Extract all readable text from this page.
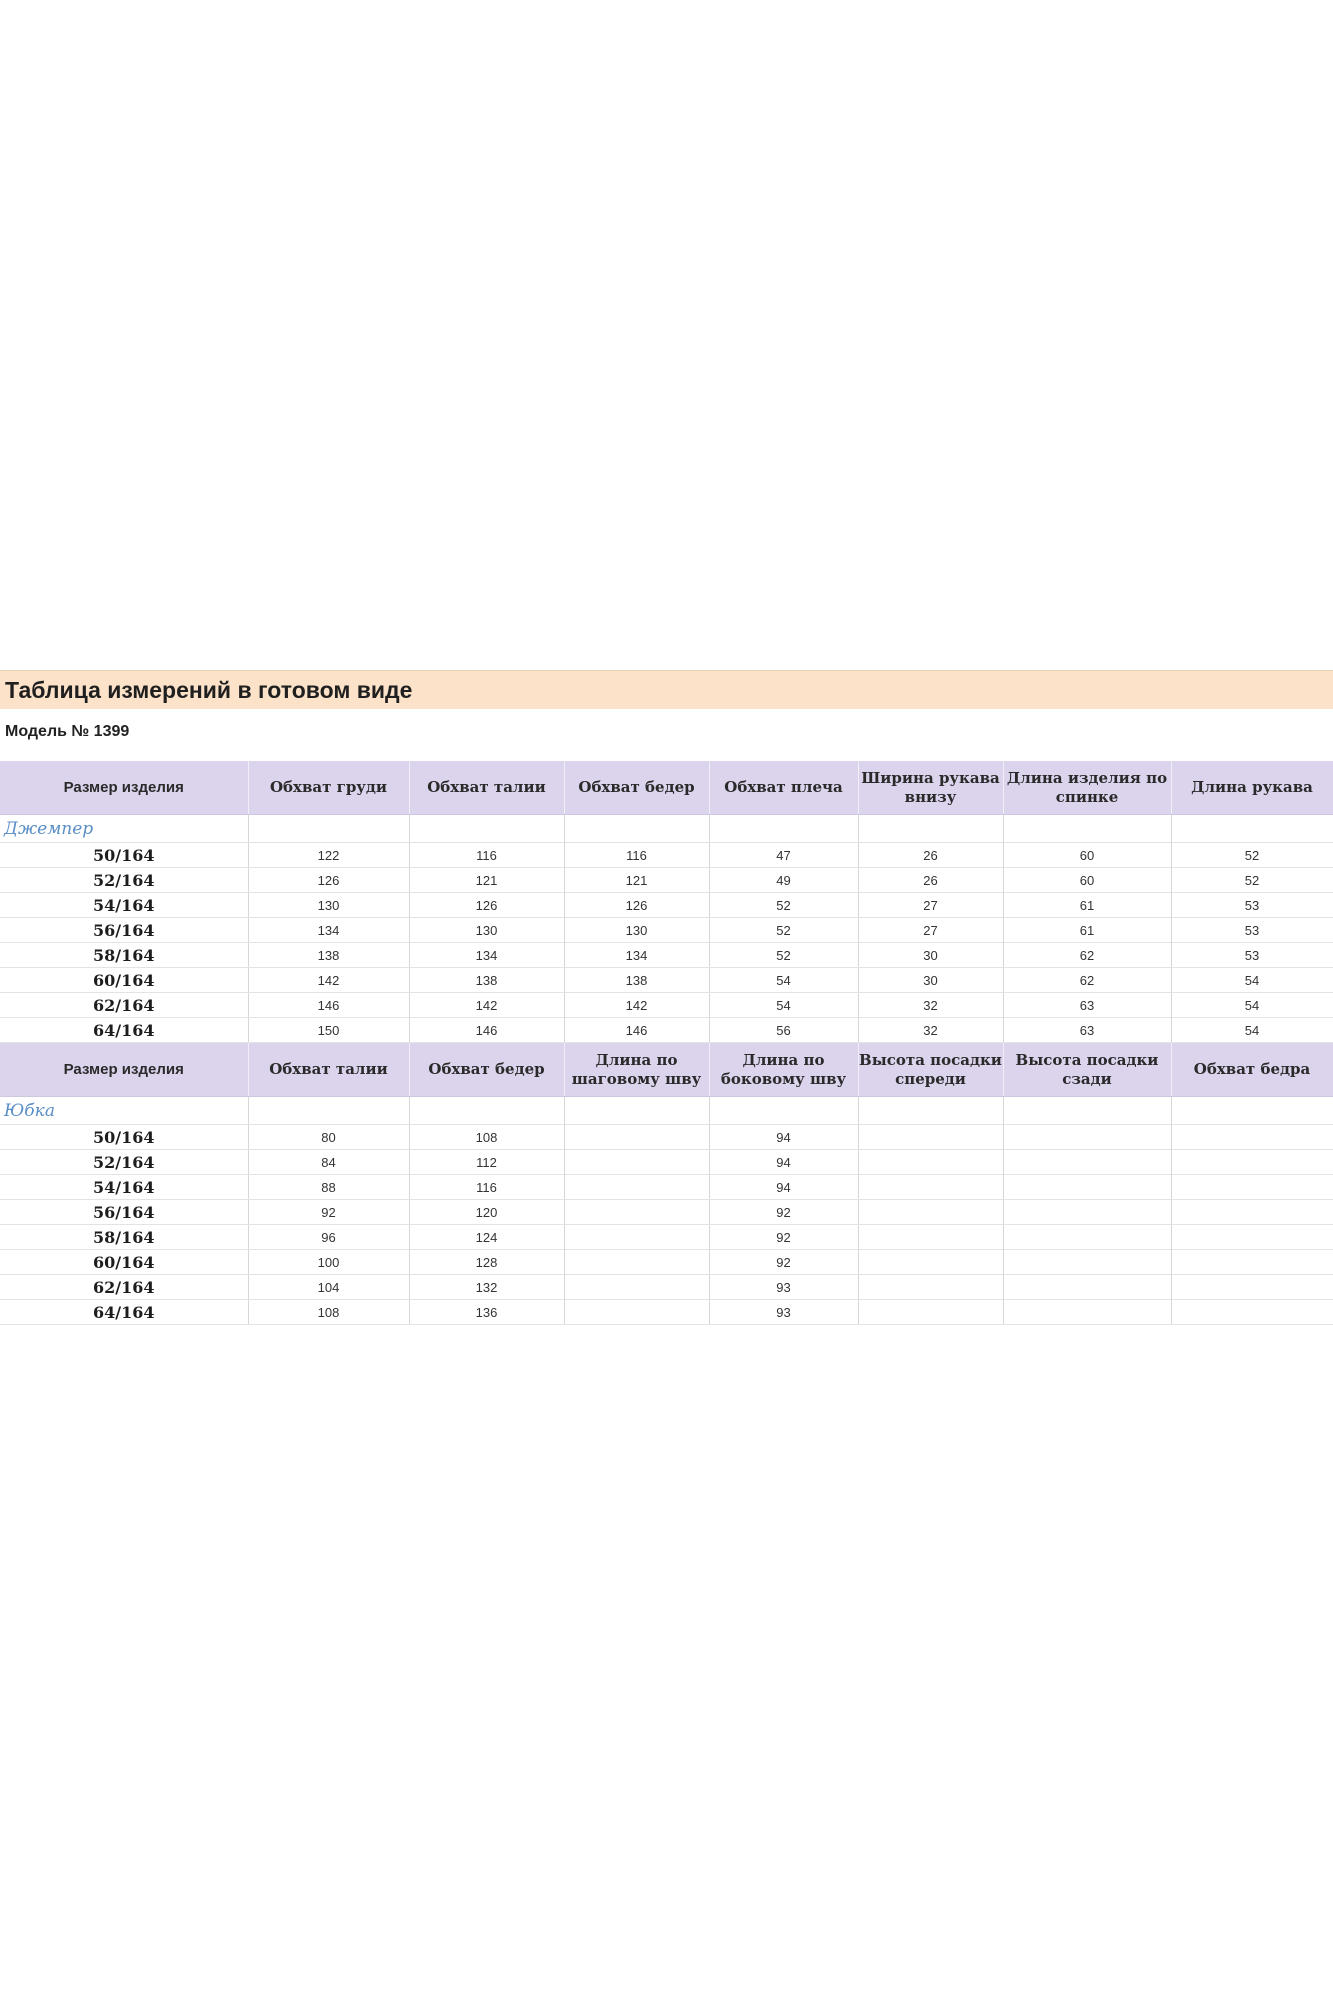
Таблица измерений в готовом виде
Модель № 1399
Размер изделия	Обхват груди	Обхват талии	Обхват бедер	Обхват плеча	Ширина рукава внизу	Длина изделия по спинке	Длина рукава
Джемпер							
50/164	122	116	116	47	26	60	52
52/164	126	121	121	49	26	60	52
54/164	130	126	126	52	27	61	53
56/164	134	130	130	52	27	61	53
58/164	138	134	134	52	30	62	53
60/164	142	138	138	54	30	62	54
62/164	146	142	142	54	32	63	54
64/164	150	146	146	56	32	63	54
Размер изделия	Обхват талии	Обхват бедер	Длина по шаговому шву	Длина по боковому шву	Высота посадки спереди	Высота посадки сзади	Обхват бедра
Юбка							
50/164	80	108		94			
52/164	84	112		94			
54/164	88	116		94			
56/164	92	120		92			
58/164	96	124		92			
60/164	100	128		92			
62/164	104	132		93			
64/164	108	136		93			
